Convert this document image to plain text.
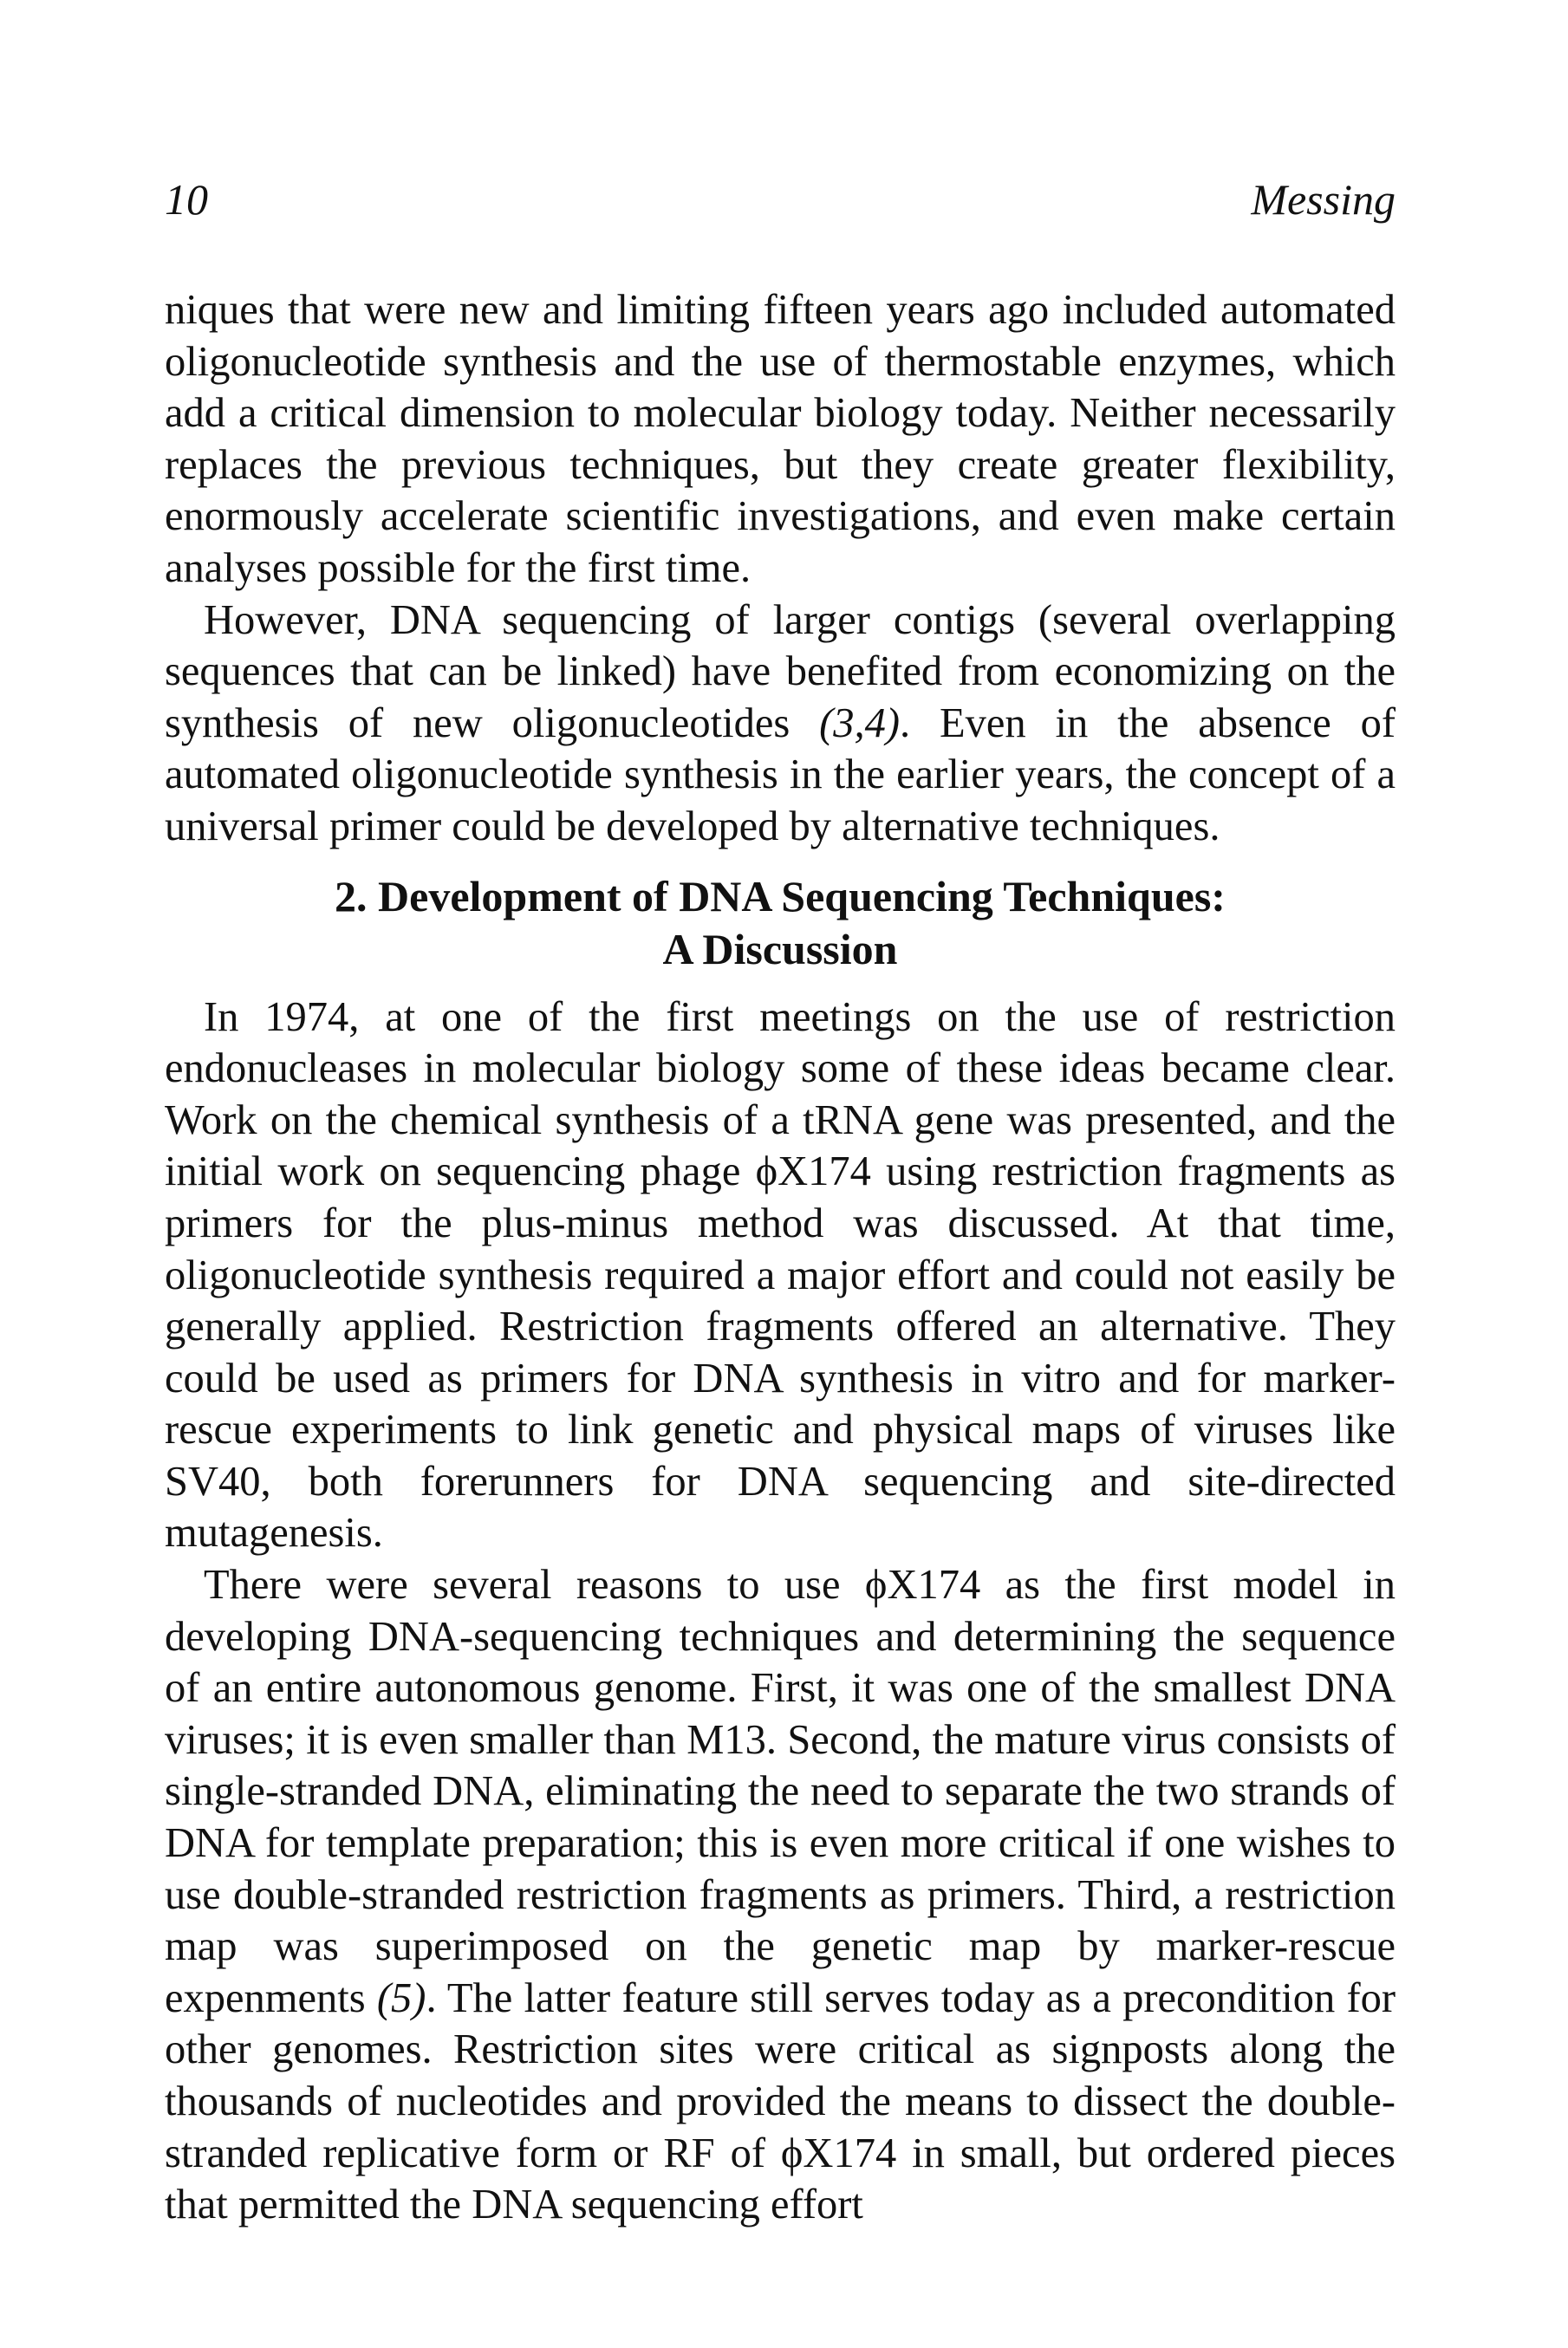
10	Messing

niques that were new and limiting fifteen years ago included automated oligonucleotide synthesis and the use of thermostable enzymes, which add a critical dimension to molecular biology today. Neither necessarily replaces the previous techniques, but they create greater flexibility, enormously accelerate scientific investigations, and even make certain analyses possible for the first time.

However, DNA sequencing of larger contigs (several overlapping sequences that can be linked) have benefited from economizing on the synthesis of new oligonucleotides (3,4). Even in the absence of automated oligonucleotide synthesis in the earlier years, the concept of a universal primer could be developed by alternative techniques.

2. Development of DNA Sequencing Techniques:
A Discussion

In 1974, at one of the first meetings on the use of restriction endonucleases in molecular biology some of these ideas became clear. Work on the chemical synthesis of a tRNA gene was presented, and the initial work on sequencing phage ϕX174 using restriction fragments as primers for the plus-minus method was discussed. At that time, oligonucleotide synthesis required a major effort and could not easily be generally applied. Restriction fragments offered an alternative. They could be used as primers for DNA synthesis in vitro and for marker-rescue experiments to link genetic and physical maps of viruses like SV40, both forerunners for DNA sequencing and site-directed mutagenesis.

There were several reasons to use ϕX174 as the first model in developing DNA-sequencing techniques and determining the sequence of an entire autonomous genome. First, it was one of the smallest DNA viruses; it is even smaller than M13. Second, the mature virus consists of single-stranded DNA, eliminating the need to separate the two strands of DNA for template preparation; this is even more critical if one wishes to use double-stranded restriction fragments as primers. Third, a restriction map was superimposed on the genetic map by marker-rescue expenments (5). The latter feature still serves today as a precondition for other genomes. Restriction sites were critical as signposts along the thousands of nucleotides and provided the means to dissect the double-stranded replicative form or RF of ϕX174 in small, but ordered pieces that permitted the DNA sequencing effort
